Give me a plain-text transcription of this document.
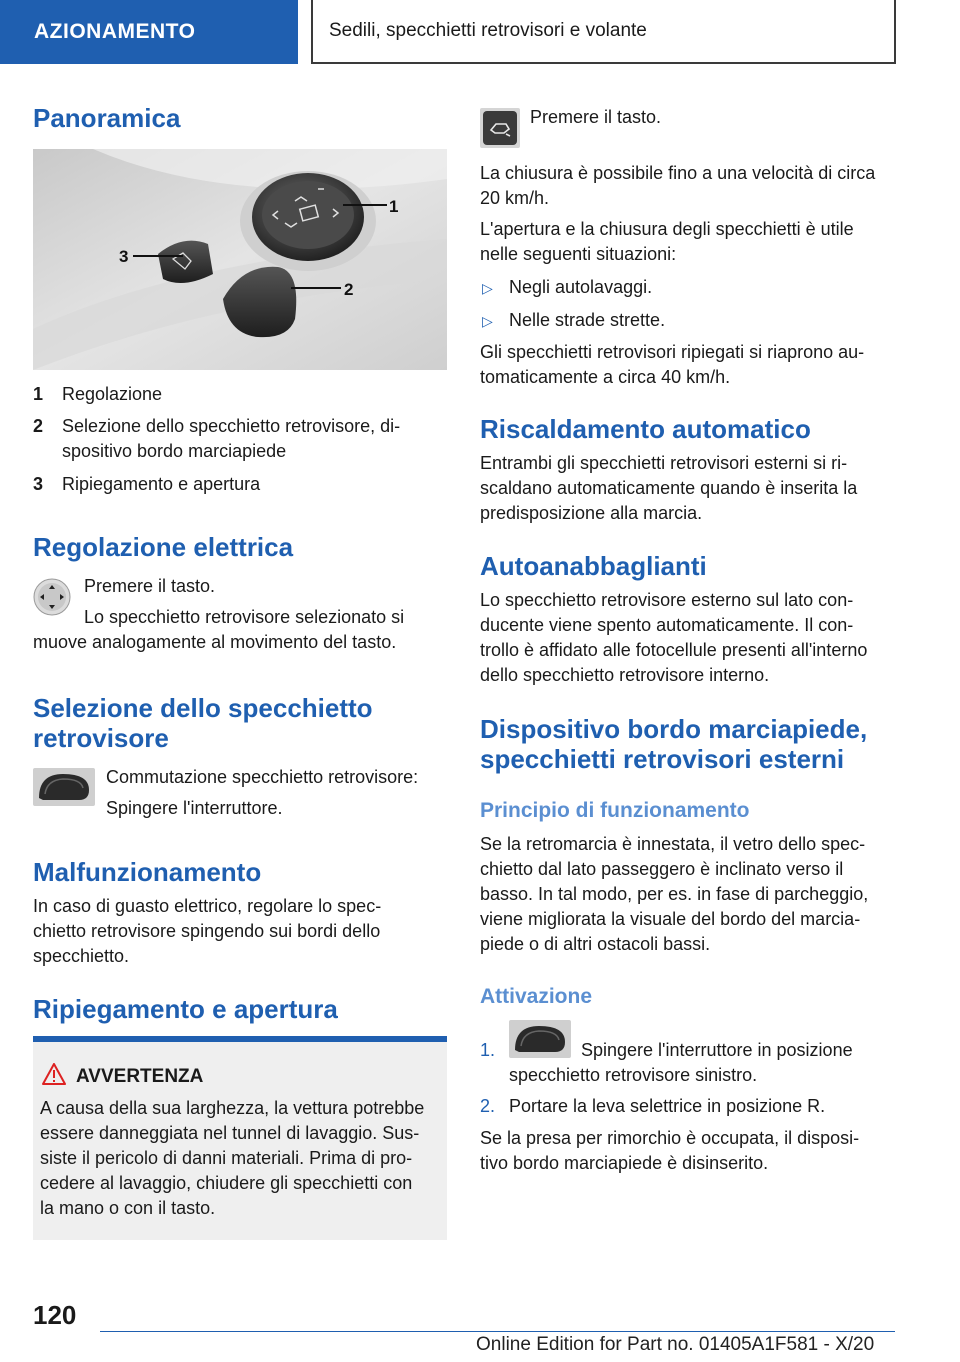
AZIONAMENTO	Sedili, specchietti retrovisori e volante
Panoramica
1
2
3
1 Regolazione

2 Selezione dello specchietto retrovisore, di-

spositivo bordo marciapiede

3 Ripiegamento e apertura

Regolazione elettrica

Premere il tasto.

Lo specchietto retrovisore selezionato si

muove analogamente al movimento del tasto.

Selezione dello specchietto
retrovisore

Commutazione specchietto retrovisore:

Spingere l'interruttore.

Malfunzionamento

In caso di guasto elettrico, regolare lo spec-

chietto retrovisore spingendo sui bordi dello

specchietto.

Ripiegamento e apertura

AVVERTENZA

A causa della sua larghezza, la vettura potrebbe

essere danneggiata nel tunnel di lavaggio. Sus-

siste il pericolo di danni materiali. Prima di pro-

cedere al lavaggio, chiudere gli specchietti con

la mano o con il tasto.

Premere il tasto.

La chiusura è possibile fino a una velocità di circa

20 km/h.

L'apertura e la chiusura degli specchietti è utile

nelle seguenti situazioni:

▷ Negli autolavaggi.

▷ Nelle strade strette.

Gli specchietti retrovisori ripiegati si riaprono au-

tomaticamente a circa 40 km/h.

Riscaldamento automatico

Entrambi gli specchietti retrovisori esterni si ri-

scaldano automaticamente quando è inserita la

predisposizione alla marcia.

Autoanabbaglianti

Lo specchietto retrovisore esterno sul lato con-

ducente viene spento automaticamente. Il con-

trollo è affidato alle fotocellule presenti all'interno

dello specchietto retrovisore interno.

Dispositivo bordo marciapiede,
specchietti retrovisori esterni
Principio di funzionamento

Se la retromarcia è innestata, il vetro dello spec-

chietto dal lato passeggero è inclinato verso il

basso. In tal modo, per es. in fase di parcheggio,

viene migliorata la visuale del bordo del marcia-

piede o di altri ostacoli bassi.

Attivazione
1.	Spingere l'interruttore in posizione

specchietto retrovisore sinistro.

2. Portare la leva selettrice in posizione R.

Se la presa per rimorchio è occupata, il disposi-

tivo bordo marciapiede è disinserito.

120
Online Edition for Part no. 01405A1F581 - X/20
